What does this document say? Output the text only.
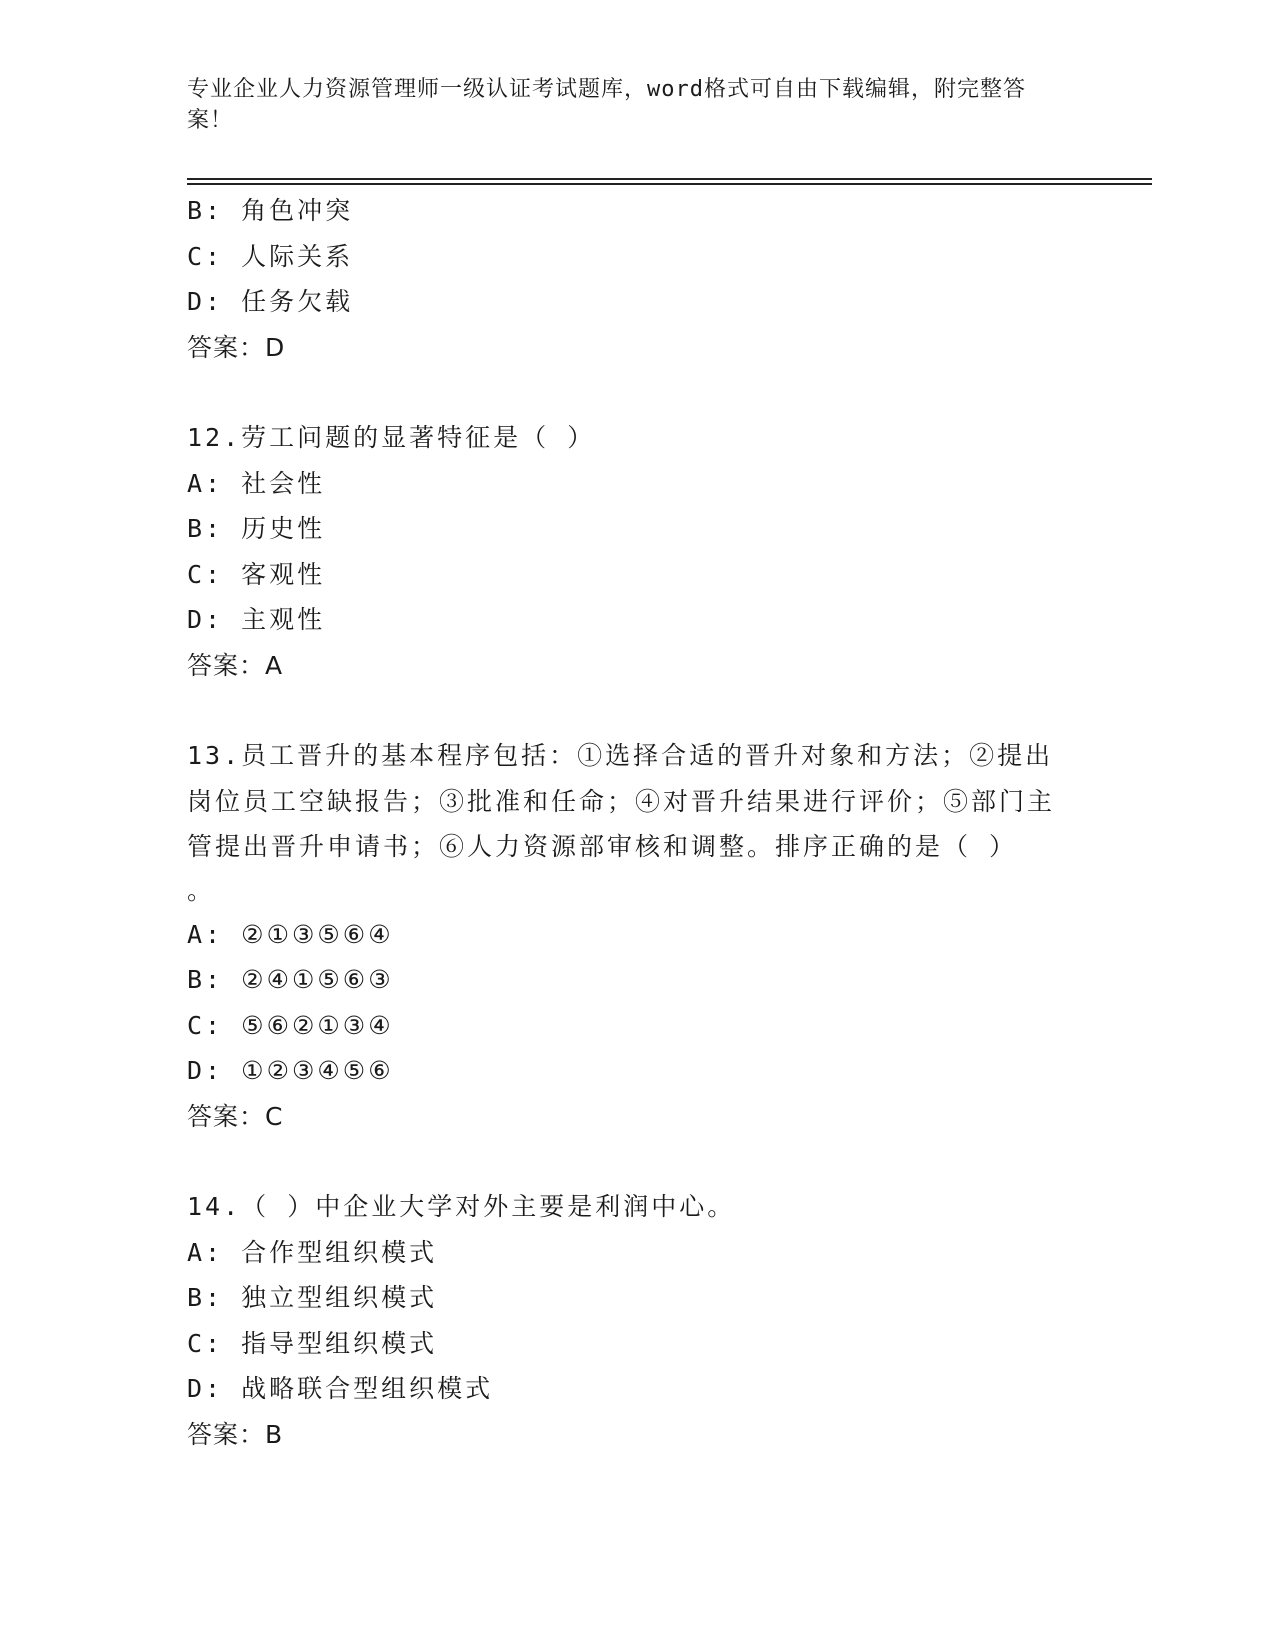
专业企业人力资源管理师一级认证考试题库，word格式可自由下载编辑，附完整答案！
B: 角色冲突
C: 人际关系
D: 任务欠载
答案：D
12.劳工问题的显著特征是（ ）
A: 社会性
B: 历史性
C: 客观性
D: 主观性
答案：A
13.员工晋升的基本程序包括：①选择合适的晋升对象和方法；②提出岗位员工空缺报告；③批准和任命；④对晋升结果进行评价；⑤部门主管提出晋升申请书；⑥人力资源部审核和调整。排序正确的是（ ）
。
A: ②①③⑤⑥④
B: ②④①⑤⑥③
C: ⑤⑥②①③④
D: ①②③④⑤⑥
答案：C
14.（ ）中企业大学对外主要是利润中心。
A: 合作型组织模式
B: 独立型组织模式
C: 指导型组织模式
D: 战略联合型组织模式
答案：B
